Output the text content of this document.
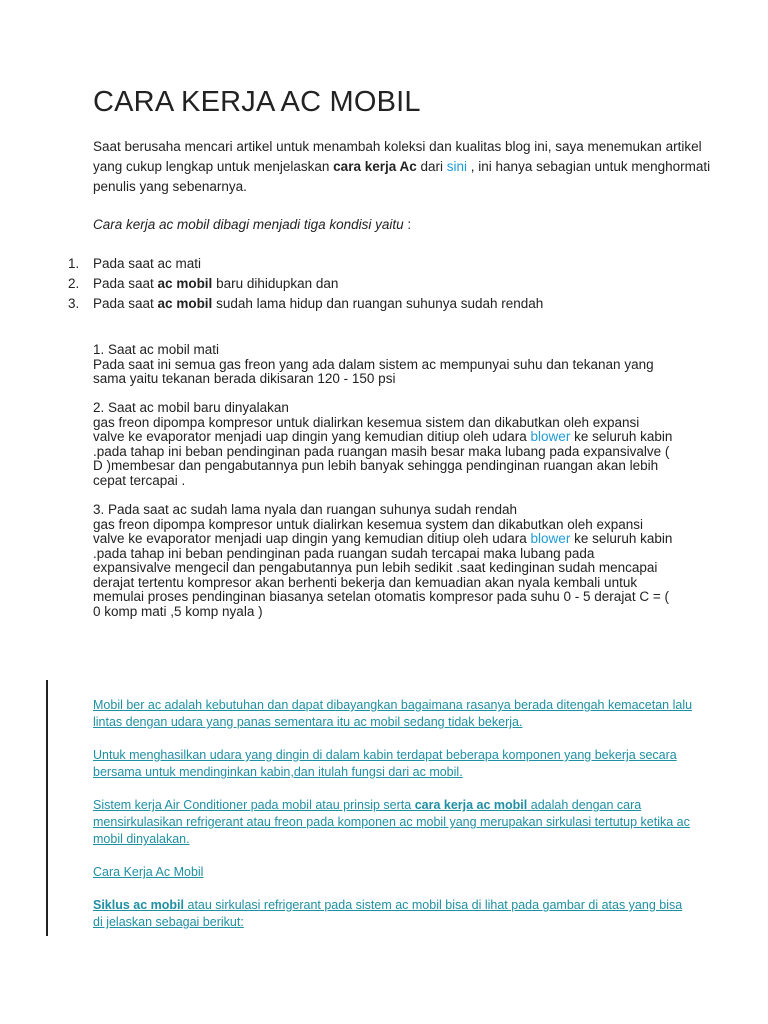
CARA KERJA AC MOBIL

Saat berusaha mencari artikel untuk menambah koleksi dan kualitas blog ini, saya menemukan artikel yang cukup lengkap untuk menjelaskan cara kerja Ac dari sini , ini hanya sebagian untuk menghormati penulis yang sebenarnya.

Cara kerja ac mobil dibagi menjadi tiga kondisi yaitu :

1. Pada saat ac mati
2. Pada saat ac mobil baru dihidupkan dan
3. Pada saat ac mobil sudah lama hidup dan ruangan suhunya sudah rendah

1. Saat ac mobil mati

Pada saat ini semua gas freon yang ada dalam sistem ac mempunyai suhu dan tekanan yang sama yaitu tekanan berada dikisaran 120 - 150 psi

2. Saat ac mobil baru dinyalakan

gas freon dipompa kompresor untuk dialirkan kesemua sistem dan dikabutkan oleh expansi valve ke evaporator menjadi uap dingin yang kemudian ditiup oleh udara blower ke seluruh kabin .pada tahap ini beban pendinginan pada ruangan masih besar maka lubang pada expansivalve ( D )membesar dan pengabutannya pun lebih banyak sehingga pendinginan ruangan akan lebih cepat tercapai .

3. Pada saat ac sudah lama nyala dan ruangan suhunya sudah rendah

gas freon dipompa kompresor untuk dialirkan kesemua system dan dikabutkan oleh expansi valve ke evaporator menjadi uap dingin yang kemudian ditiup oleh udara blower ke seluruh kabin .pada tahap ini beban pendinginan pada ruangan sudah tercapai maka lubang pada expansivalve mengecil dan pengabutannya pun lebih sedikit .saat kedinginan sudah mencapai derajat tertentu kompresor akan berhenti bekerja dan kemuadian akan nyala kembali untuk memulai proses pendinginan biasanya setelan otomatis kompresor pada suhu 0 - 5 derajat C = ( 0 komp mati ,5 komp nyala )

Mobil ber ac adalah kebutuhan dan dapat dibayangkan bagaimana rasanya berada ditengah kemacetan lalu lintas dengan udara yang panas sementara itu ac mobil sedang tidak bekerja.

Untuk menghasilkan udara yang dingin di dalam kabin terdapat beberapa komponen yang bekerja secara bersama untuk mendinginkan kabin,dan itulah fungsi dari ac mobil.

Sistem kerja Air Conditioner pada mobil atau prinsip serta cara kerja ac mobil adalah dengan cara mensirkulasikan refrigerant atau freon pada komponen ac mobil yang merupakan sirkulasi tertutup ketika ac mobil dinyalakan.

Cara Kerja Ac Mobil

Siklus ac mobil atau sirkulasi refrigerant pada sistem ac mobil bisa di lihat pada gambar di atas yang bisa di jelaskan sebagai berikut:
